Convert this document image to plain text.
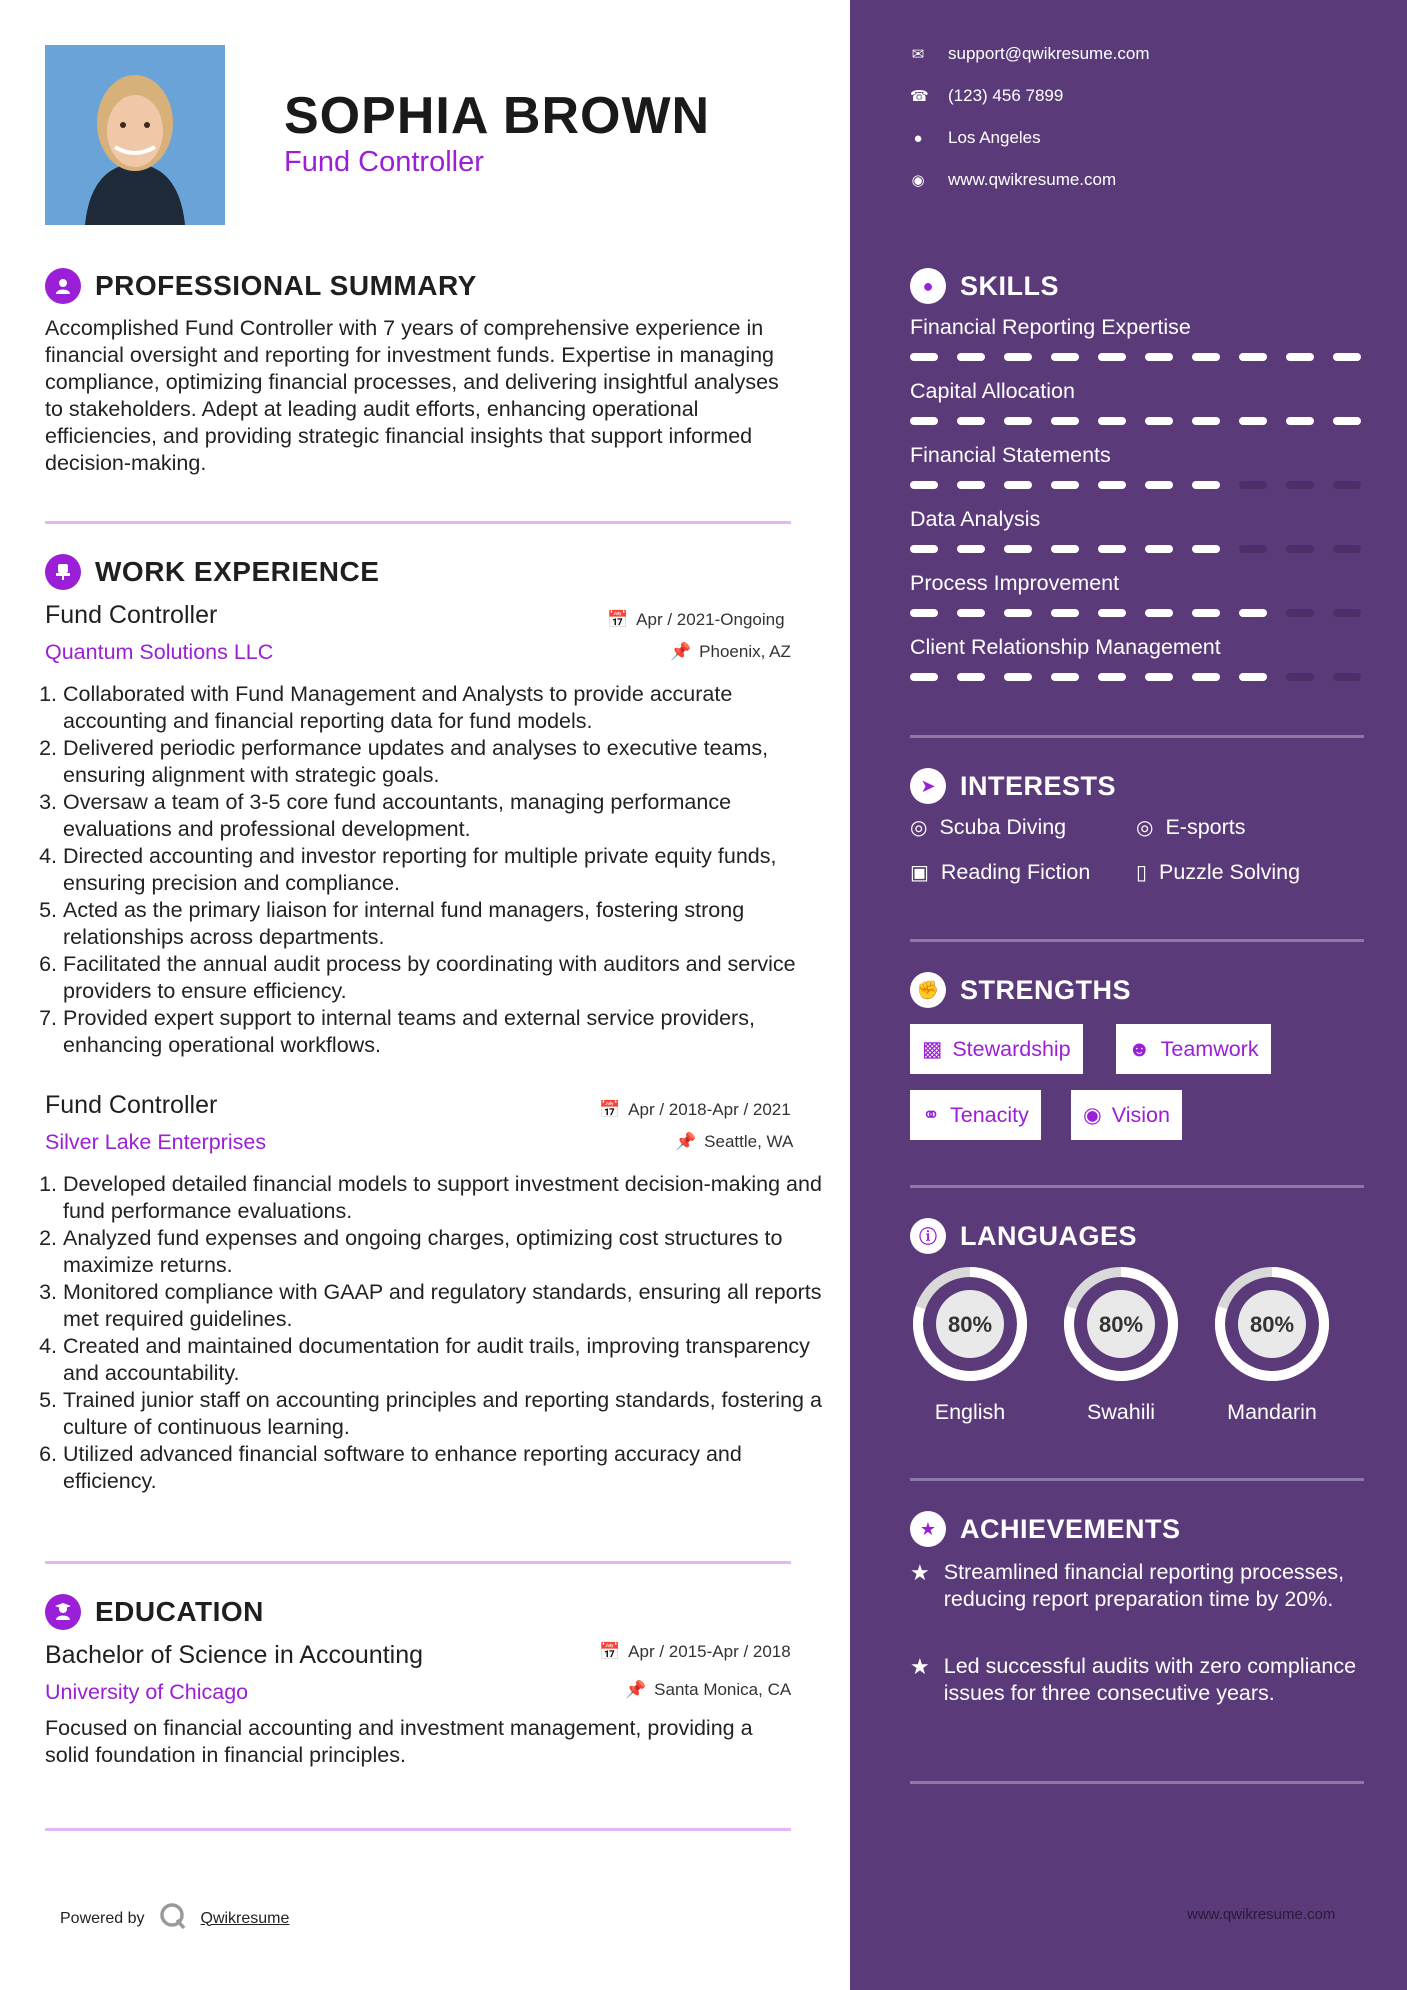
SOPHIA BROWN
Fund Controller
PROFESSIONAL SUMMARY
Accomplished Fund Controller with 7 years of comprehensive experience in financial oversight and reporting for investment funds. Expertise in managing compliance, optimizing financial processes, and delivering insightful analyses to stakeholders. Adept at leading audit efforts, enhancing operational efficiencies, and providing strategic financial insights that support informed decision-making.
WORK EXPERIENCE
Fund Controller	📅 Apr / 2021-Ongoing
Quantum Solutions LLC	📌 Phoenix, AZ
1. Collaborated with Fund Management and Analysts to provide accurate accounting and financial reporting data for fund models.
2. Delivered periodic performance updates and analyses to executive teams, ensuring alignment with strategic goals.
3. Oversaw a team of 3-5 core fund accountants, managing performance evaluations and professional development.
4. Directed accounting and investor reporting for multiple private equity funds, ensuring precision and compliance.
5. Acted as the primary liaison for internal fund managers, fostering strong relationships across departments.
6. Facilitated the annual audit process by coordinating with auditors and service providers to ensure efficiency.
7. Provided expert support to internal teams and external service providers, enhancing operational workflows.
Fund Controller	📅 Apr / 2018-Apr / 2021
Silver Lake Enterprises	📌 Seattle, WA
1. Developed detailed financial models to support investment decision-making and fund performance evaluations.
2. Analyzed fund expenses and ongoing charges, optimizing cost structures to maximize returns.
3. Monitored compliance with GAAP and regulatory standards, ensuring all reports met required guidelines.
4. Created and maintained documentation for audit trails, improving transparency and accountability.
5. Trained junior staff on accounting principles and reporting standards, fostering a culture of continuous learning.
6. Utilized advanced financial software to enhance reporting accuracy and efficiency.
EDUCATION
Bachelor of Science in Accounting	📅 Apr / 2015-Apr / 2018
University of Chicago	📌 Santa Monica, CA
Focused on financial accounting and investment management, providing a solid foundation in financial principles.
Powered by	Qwikresume
✉ support@qwikresume.com
☎ (123) 456 7899
● Los Angeles
◉ www.qwikresume.com
● SKILLS
Financial Reporting Expertise
Capital Allocation
Financial Statements
Data Analysis
Process Improvement
Client Relationship Management
➤ INTERESTS
◎ Scuba Diving	◎ E-sports
▣ Reading Fiction ▯ Puzzle Solving
✊ STRENGTHS
▩ Stewardship	☻ Teamwork
⚭ Tenacity	◉ Vision
ⓘ LANGUAGES
80%
English
80%
Swahili
80%
Mandarin
★ ACHIEVEMENTS
★ Streamlined financial reporting processes, reducing report preparation time by 20%.
★ Led successful audits with zero compliance issues for three consecutive years.
www.qwikresume.com
